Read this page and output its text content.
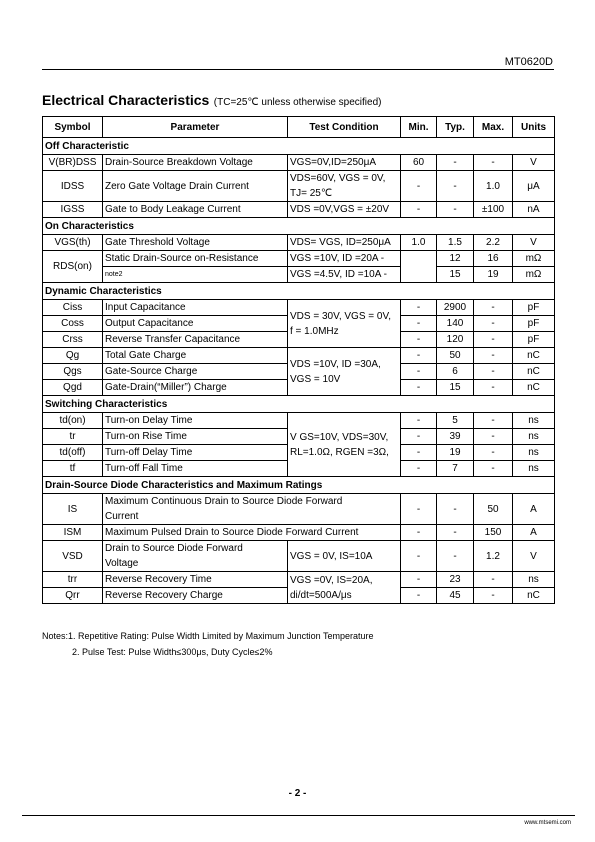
MT0620D
Electrical Characteristics (TC=25℃ unless otherwise specified)
Symbol	Parameter	Test Condition	Min.	Typ.	Max.	Units
Off Characteristic						
V(BR)DSS	Drain-Source Breakdown Voltage	VGS=0V,ID=250μA	60	-	-	V
IDSS	Zero Gate Voltage Drain Current	VDS=60V, VGS = 0V,
TJ= 25℃	-	-	1.0	μA
IGSS	Gate to Body Leakage Current	VDS =0V,VGS = ±20V	-	-	±100	nA
On Characteristics						
VGS(th)	Gate Threshold Voltage	VDS= VGS, ID=250μA	1.0	1.5	2.2	V
RDS(on)	Static Drain-Source on-Resistance	VGS =10V, ID =20A -		12	16	mΩ
	note2	VGS =4.5V, ID =10A -		15	19	mΩ
Dynamic Characteristics						
Ciss	Input Capacitance	VDS = 30V, VGS = 0V,
f = 1.0MHz	-	2900	-	pF
Coss	Output Capacitance		-	140	-	pF
Crss	Reverse Transfer Capacitance		-	120	-	pF
Qg	Total Gate Charge	VDS =10V, ID =30A,
VGS = 10V	-	50	-	nC
Qgs	Gate-Source Charge		-	6	-	nC
Qgd	Gate-Drain(“Miller”) Charge		-	15	-	nC
Switching Characteristics						
td(on)	Turn-on Delay Time	V GS=10V, VDS=30V,
RL=1.0Ω, RGEN =3Ω,	-	5	-	ns
tr	Turn-on Rise Time		-	39	-	ns
td(off)	Turn-off Delay Time		-	19	-	ns
tf	Turn-off Fall Time		-	7	-	ns
Drain-Source Diode Characteristics and Maximum Ratings						
IS	Maximum Continuous Drain to Source Diode Forward
Current		-	-	50	A
ISM	Maximum Pulsed Drain to Source Diode Forward Current		-	-	150	A
VSD	Drain to Source Diode Forward
Voltage	VGS = 0V, IS=10A	-	-	1.2	V
trr	Reverse Recovery Time	VGS =0V, IS=20A,
di/dt=500A/μs	-	23	-	ns
Qrr	Reverse Recovery Charge		-	45	-	nC
Notes:1. Repetitive Rating: Pulse Width Limited by Maximum Junction Temperature
2. Pulse Test: Pulse Width≤300μs, Duty Cycle≤2%
- 2 -
www.mtsemi.com
